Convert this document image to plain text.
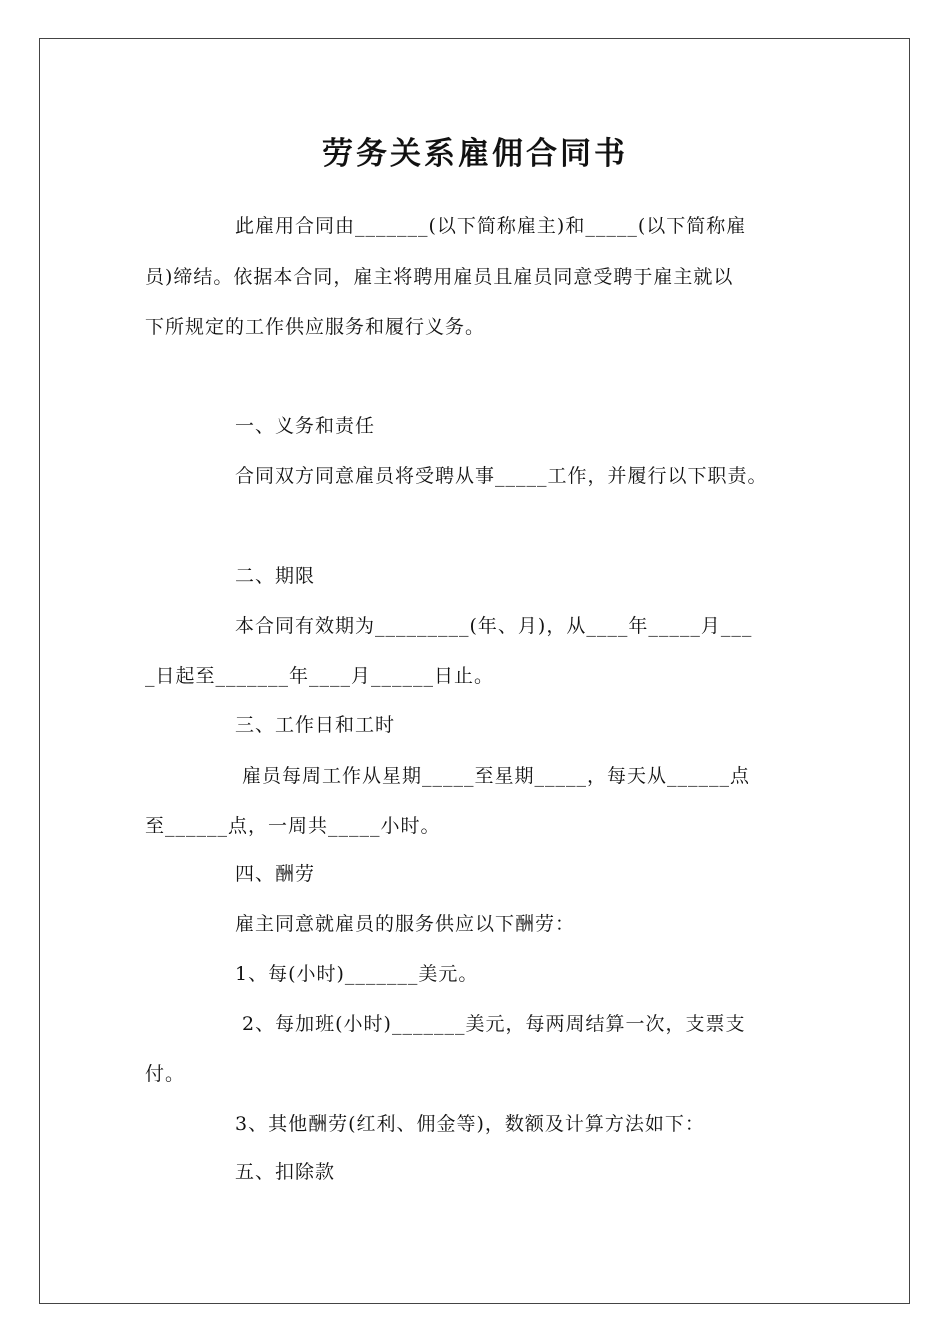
劳务关系雇佣合同书
此雇用合同由_______(以下简称雇主)和_____(以下简称雇
员)缔结。依据本合同，雇主将聘用雇员且雇员同意受聘于雇主就以
下所规定的工作供应服务和履行义务。
一、义务和责任
合同双方同意雇员将受聘从事_____工作，并履行以下职责。
二、期限
本合同有效期为_________(年、月)，从____年_____月___
_日起至_______年____月______日止。
三、工作日和工时
雇员每周工作从星期_____至星期_____，每天从______点
至______点，一周共_____小时。
四、酬劳
雇主同意就雇员的服务供应以下酬劳：
1、每(小时)_______美元。
2、每加班(小时)_______美元，每两周结算一次，支票支
付。
3、其他酬劳(红利、佣金等)，数额及计算方法如下：
五、扣除款
